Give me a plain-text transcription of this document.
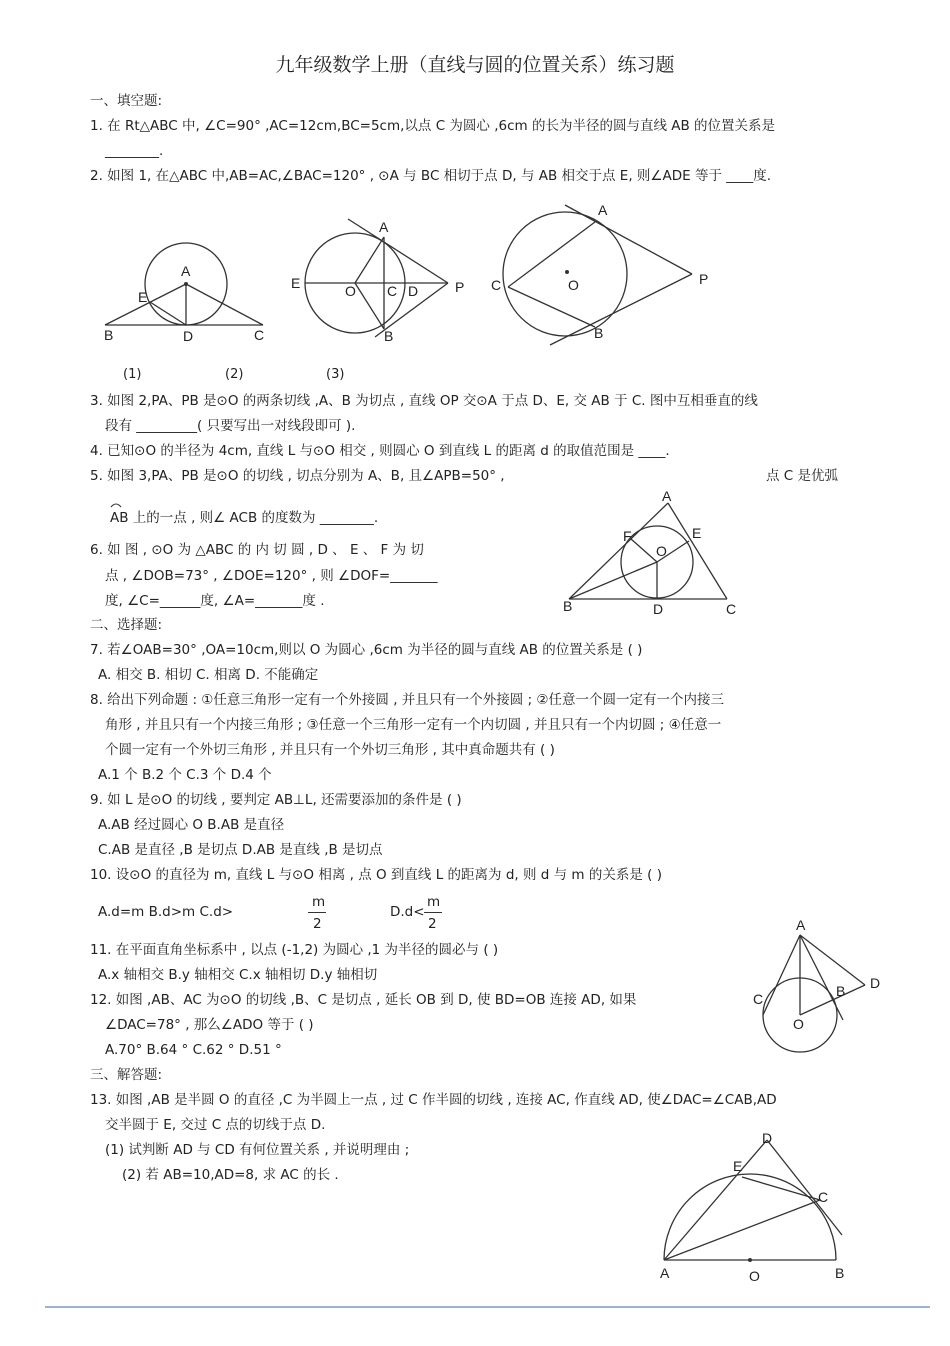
九年级数学上册（直线与圆的位置关系）练习题
一、填空题:
1. 在 Rt△ABC 中, ∠C=90° ,AC=12cm,BC=5cm,以点 C 为圆心 ,6cm 的长为半径的圆与直线 AB 的位置关系是
________.
2. 如图 1, 在△ABC 中,AB=AC,∠BAC=120° , ⊙A 与 BC 相切于点 D, 与 AB 相交于点 E, 则∠ADE 等于 ____度.
A
E
B	D	C
A
E	O C D	P
B
A
C	O	P
B
(1)	(2)	(3)
3. 如图 2,PA、PB 是⊙O 的两条切线 ,A、B 为切点 , 直线 OP 交⊙A 于点 D、E, 交 AB 于 C. 图中互相垂直的线
段有 _________( 只要写出一对线段即可 ).
4. 已知⊙O 的半径为 4cm, 直线 L 与⊙O 相交 , 则圆心 O 到直线 L 的距离 d 的取值范围是 ____.
5. 如图 3,PA、PB 是⊙O 的切线 , 切点分别为 A、B, 且∠APB=50° ,	点 C 是优弧
AB 上的一点 , 则∠ ACB 的度数为 ________.
6. 如 图 , ⊙O 为 △ABC 的 内 切 圆 , D 、 E 、 F 为 切
点 , ∠DOB=73° , ∠DOE=120° , 则 ∠DOF=_______
度, ∠C=______度, ∠A=_______度 .
A
F	E
O
B	D	C
二、选择题:
7. 若∠OAB=30° ,OA=10cm,则以 O 为圆心 ,6cm 为半径的圆与直线 AB 的位置关系是 ( )
A. 相交 B. 相切 C. 相离 D. 不能确定
8. 给出下列命题 : ①任意三角形一定有一个外接圆 , 并且只有一个外接圆 ; ②任意一个圆一定有一个内接三
角形 , 并且只有一个内接三角形 ; ③任意一个三角形一定有一个内切圆 , 并且只有一个内切圆 ; ④任意一
个圆一定有一个外切三角形 , 并且只有一个外切三角形 , 其中真命题共有 ( )
A.1 个 B.2 个 C.3 个 D.4 个
9. 如 L 是⊙O 的切线 , 要判定 AB⊥L, 还需要添加的条件是 ( )
A.AB 经过圆心 O B.AB 是直径
C.AB 是直径 ,B 是切点 D.AB 是直线 ,B 是切点
10. 设⊙O 的直径为 m, 直线 L 与⊙O 相离 , 点 O 到直线 L 的距离为 d, 则 d 与 m 的关系是 ( )
A.d=m B.d>m C.d>
m
2
D.d<
m
2
11. 在平面直角坐标系中 , 以点 (-1,2) 为圆心 ,1 为半径的圆必与 ( )
A.x 轴相交 B.y 轴相交 C.x 轴相切 D.y 轴相切
12. 如图 ,AB、AC 为⊙O 的切线 ,B、C 是切点 , 延长 OB 到 D, 使 BD=OB 连接 AD, 如果
∠DAC=78° , 那么∠ADO 等于 ( )
A.70° B.64 ° C.62 ° D.51 °
A
D
B
C
O
三、解答题:
13. 如图 ,AB 是半圆 O 的直径 ,C 为半圆上一点 , 过 C 作半圆的切线 , 连接 AC, 作直线 AD, 使∠DAC=∠CAB,AD
交半圆于 E, 交过 C 点的切线于点 D.
(1) 试判断 AD 与 CD 有何位置关系 , 并说明理由 ;
(2) 若 AB=10,AD=8, 求 AC 的长 .
D
E
C
A	O	B
